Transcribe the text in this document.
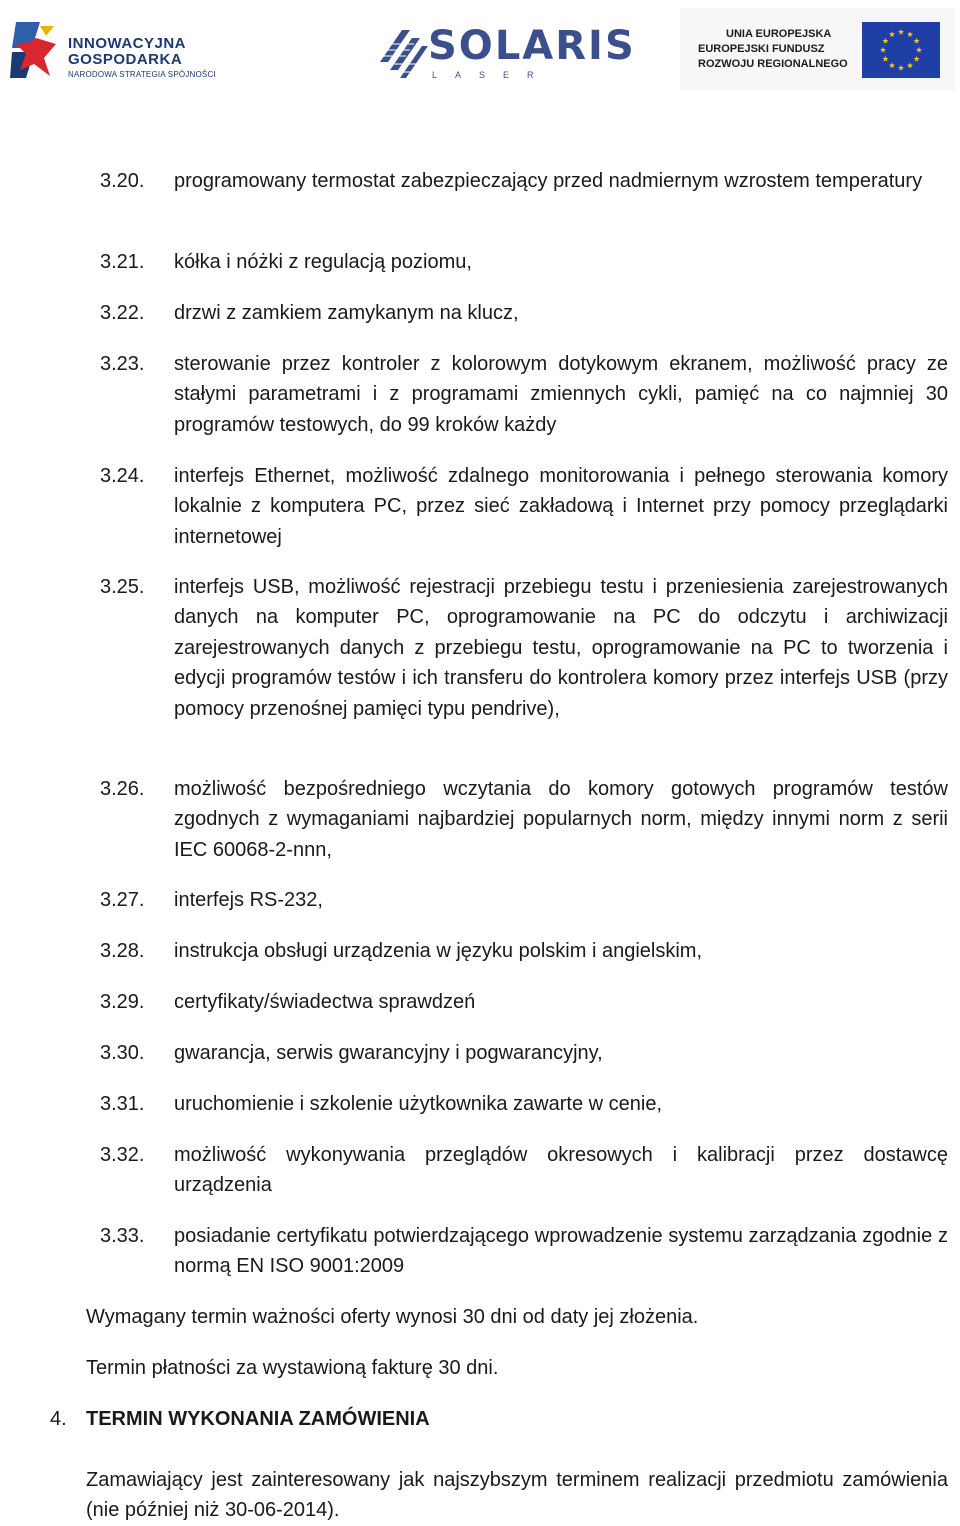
INNOWACYJNA
GOSPODARKA
NARODOWA STRATEGIA SPÓJNOŚCI
SOLARIS
LASER
UNIA EUROPEJSKA
EUROPEJSKI FUNDUSZ
ROZWOJU REGIONALNEGO
3.20.	programowany termostat zabezpieczający przed nadmiernym wzrostem temperatury
3.21.	kółka i nóżki z regulacją poziomu,
3.22.	drzwi z zamkiem zamykanym na klucz,
3.23.	sterowanie przez kontroler z kolorowym dotykowym ekranem, możliwość pracy ze stałymi parametrami i z programami zmiennych cykli, pamięć na co najmniej 30 programów testowych, do 99 kroków każdy
3.24.	interfejs Ethernet, możliwość zdalnego monitorowania i pełnego sterowania komory lokalnie z komputera PC, przez sieć zakładową i Internet przy pomocy przeglądarki internetowej
3.25.	interfejs USB, możliwość rejestracji przebiegu testu i przeniesienia zarejestrowanych danych na komputer PC, oprogramowanie na PC do odczytu i archiwizacji zarejestrowanych danych z przebiegu testu, oprogramowanie na PC to tworzenia i edycji programów testów i ich transferu do kontrolera komory przez interfejs USB (przy pomocy przenośnej pamięci typu pendrive),
3.26.	możliwość bezpośredniego wczytania do komory gotowych programów testów zgodnych z wymaganiami najbardziej popularnych norm, między innymi norm z serii IEC 60068-2-nnn,
3.27.	interfejs RS-232,
3.28.	instrukcja obsługi urządzenia w języku polskim i angielskim,
3.29.	certyfikaty/świadectwa sprawdzeń
3.30.	gwarancja, serwis gwarancyjny i pogwarancyjny,
3.31.	uruchomienie i szkolenie użytkownika zawarte w cenie,
3.32.	możliwość wykonywania przeglądów okresowych i kalibracji przez dostawcę urządzenia
3.33.	posiadanie certyfikatu potwierdzającego wprowadzenie systemu zarządzania zgodnie z normą EN ISO 9001:2009
Wymagany termin ważności oferty wynosi 30 dni od daty jej złożenia.
Termin płatności za wystawioną fakturę 30 dni.
4. TERMIN WYKONANIA ZAMÓWIENIA
Zamawiający jest zainteresowany jak najszybszym terminem realizacji przedmiotu zamówienia (nie później niż 30-06-2014).
